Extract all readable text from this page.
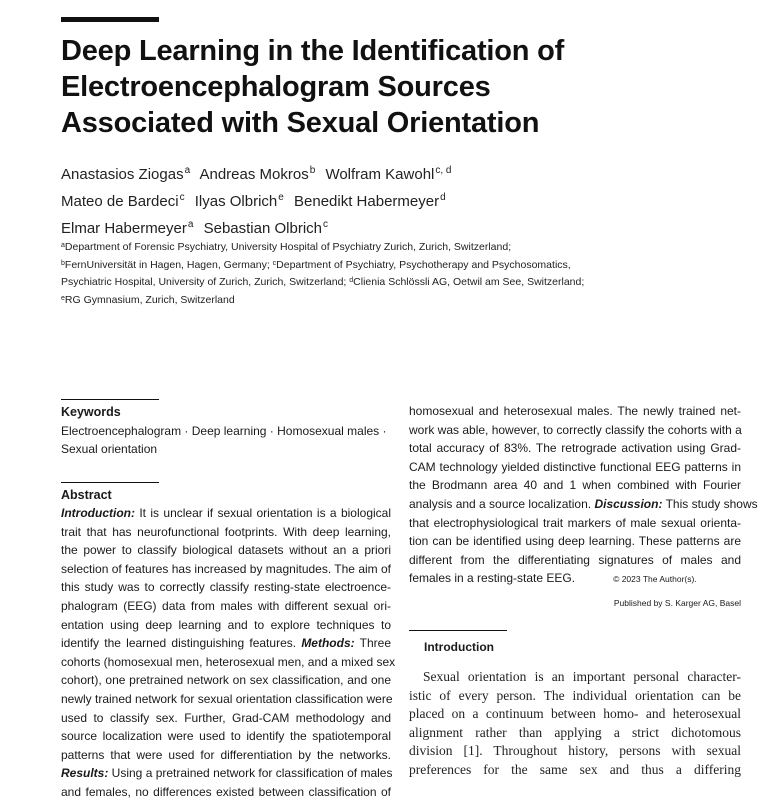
Deep Learning in the Identification of
Electroencephalogram Sources
Associated with Sexual Orientation
Anastasios Ziogas$^a$ Andreas Mokros$^b$ Wolfram Kawohl$^{c, d}$
Mateo de Bardeci$^c$ Ilyas Olbrich$^e$ Benedikt Habermeyer$^d$
Elmar Habermeyer$^a$ Sebastian Olbrich$^c$
$^a$Department of Forensic Psychiatry, University Hospital of Psychiatry Zurich, Zurich, Switzerland;
$^b$FernUniversität in Hagen, Hagen, Germany; $^c$Department of Psychiatry, Psychotherapy and Psychosomatics,
Psychiatric Hospital, University of Zurich, Zurich, Switzerland; $^d$Clienia Schlössli AG, Oetwil am See, Switzerland;
$^e$RG Gymnasium, Zurich, Switzerland
Keywords
Electroencephalogram · Deep learning · Homosexual males ·
Sexual orientation
Abstract
Introduction: It is unclear if sexual orientation is a biological
trait that has neurofunctional footprints. With deep learning,
the power to classify biological datasets without an a priori
selection of features has increased by magnitudes. The aim of
this study was to correctly classify resting-state electroence-
phalogram (EEG) data from males with different sexual ori-
entation using deep learning and to explore techniques to
identify the learned distinguishing features. Methods: Three
cohorts (homosexual men, heterosexual men, and a mixed sex
cohort), one pretrained network on sex classification, and one
newly trained network for sexual orientation classification were
used to classify sex. Further, Grad-CAM methodology and
source localization were used to identify the spatiotemporal
patterns that were used for differentiation by the networks.
Results: Using a pretrained network for classification of males
and females, no differences existed between classification of
homosexual and heterosexual males. The newly trained net-
work was able, however, to correctly classify the cohorts with a
total accuracy of 83%. The retrograde activation using Grad-
CAM technology yielded distinctive functional EEG patterns in
the Brodmann area 40 and 1 when combined with Fourier
analysis and a source localization. Discussion: This study shows
that electrophysiological trait markers of male sexual orienta-
tion can be identified using deep learning. These patterns are
different from the differentiating signatures of males and
females in a resting-state EEG.	© 2023 The Author(s).
Published by S. Karger AG, Basel
Introduction
Sexual orientation is an important personal character-
istic of every person. The individual orientation can be
placed on a continuum between homo- and heterosexual
alignment rather than applying a strict dichotomous
division [1]. Throughout history, persons with sexual
preferences for the same sex and thus a differing
